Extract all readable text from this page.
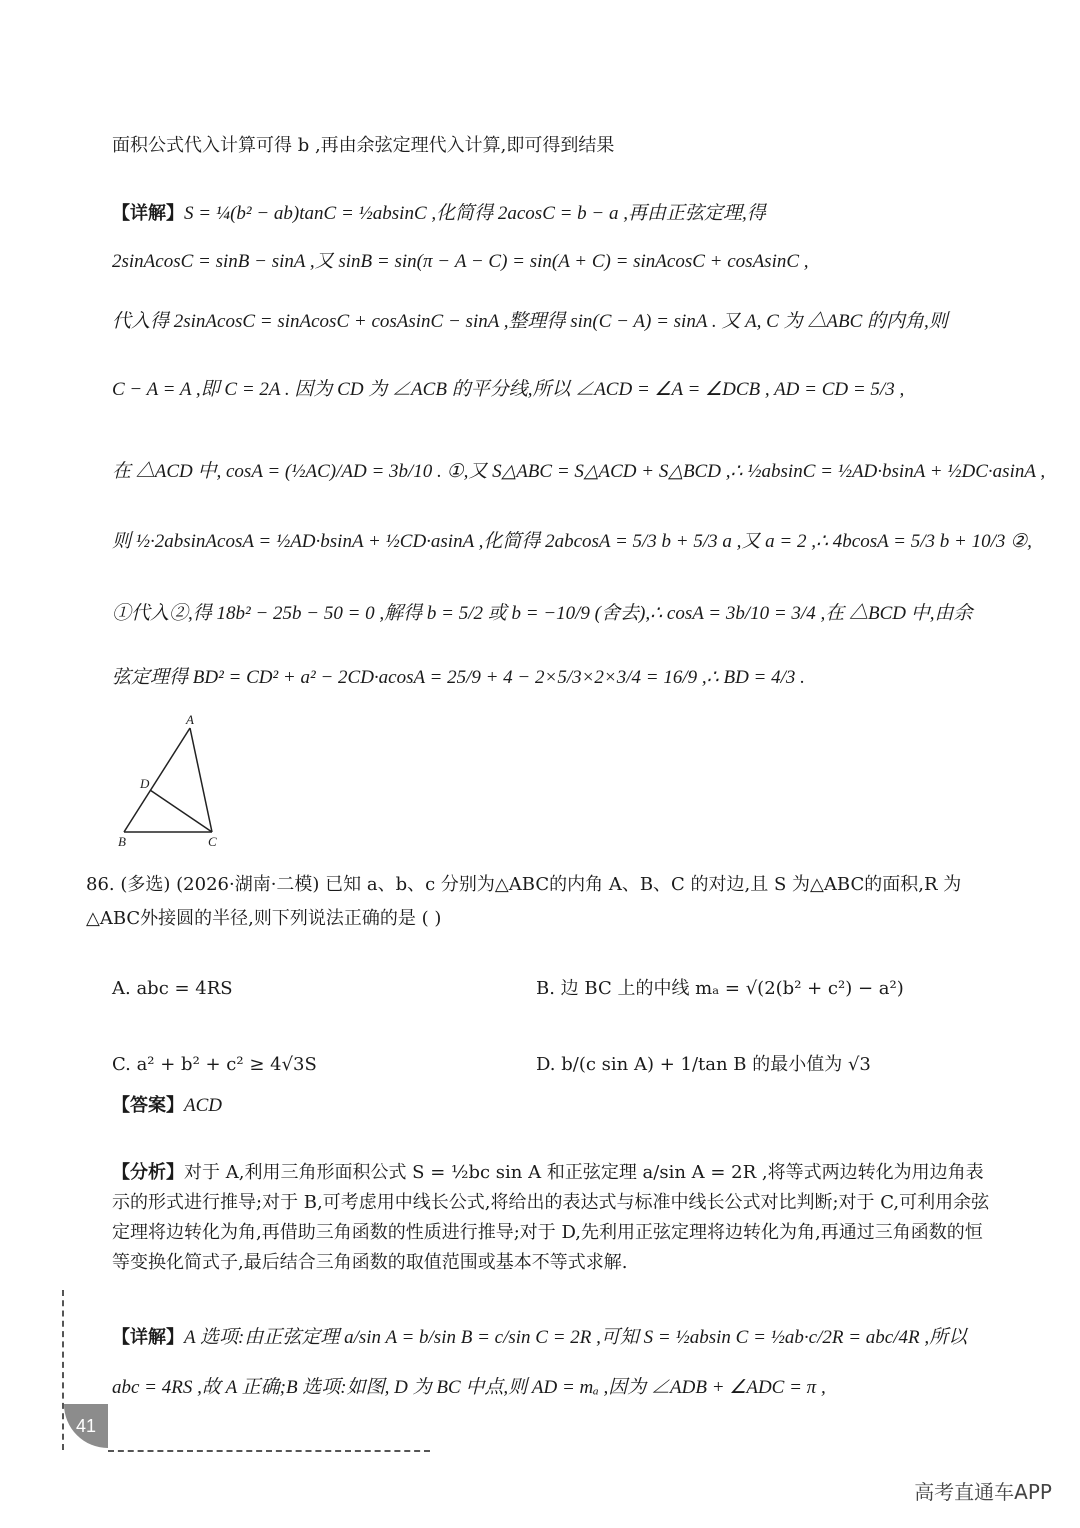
面积公式代入计算可得 b ,再由余弦定理代入计算,即可得到结果
【详解】S = ¼(b² − ab)tanC = ½absinC ,化简得 2acosC = b − a ,再由正弦定理,得
2sinAcosC = sinB − sinA ,又 sinB = sin(π − A − C) = sin(A + C) = sinAcosC + cosAsinC ,
代入得 2sinAcosC = sinAcosC + cosAsinC − sinA ,整理得 sin(C − A) = sinA . 又 A, C 为 △ABC 的内角,则
C − A = A ,即 C = 2A . 因为 CD 为 ∠ACB 的平分线,所以 ∠ACD = ∠A = ∠DCB , AD = CD = 5/3 ,
在 △ACD 中, cosA = (½AC)/AD = 3b/10 . ①,又 S△ABC = S△ACD + S△BCD ,∴ ½absinC = ½AD·bsinA + ½DC·asinA ,
则 ½·2absinAcosA = ½AD·bsinA + ½CD·asinA ,化简得 2abcosA = 5/3 b + 5/3 a ,又 a = 2 ,∴ 4bcosA = 5/3 b + 10/3 ②,
①代入②,得 18b² − 25b − 50 = 0 ,解得 b = 5/2 或 b = −10/9 (舍去),∴ cosA = 3b/10 = 3/4 ,在 △BCD 中,由余
弦定理得 BD² = CD² + a² − 2CD·acosA = 25/9 + 4 − 2×5/3×2×3/4 = 16/9 ,∴ BD = 4/3 .
A
D
B	C
86. (多选) (2026·湖南·二模) 已知 a、b、c 分别为△ABC的内角 A、B、C 的对边,且 S 为△ABC的面积,R 为△ABC外接圆的半径,则下列说法正确的是 ( )
A. abc = 4RS	B. 边 BC 上的中线 mₐ = √(2(b² + c²) − a²)
C. a² + b² + c² ≥ 4√3S	D. b/(c sin A) + 1/tan B 的最小值为 √3
【答案】ACD
【分析】对于 A,利用三角形面积公式 S = ½bc sin A 和正弦定理 a/sin A = 2R ,将等式两边转化为用边角表示的形式进行推导;对于 B,可考虑用中线长公式,将给出的表达式与标准中线长公式对比判断;对于 C,可利用余弦定理将边转化为角,再借助三角函数的性质进行推导;对于 D,先利用正弦定理将边转化为角,再通过三角函数的恒等变换化简式子,最后结合三角函数的取值范围或基本不等式求解.
【详解】A 选项:由正弦定理 a/sin A = b/sin B = c/sin C = 2R ,可知 S = ½absin C = ½ab·c/2R = abc/4R ,所以
abc = 4RS ,故 A 正确;B 选项:如图, D 为 BC 中点,则 AD = mₐ ,因为 ∠ADB + ∠ADC = π ,
41
高考直通车APP
